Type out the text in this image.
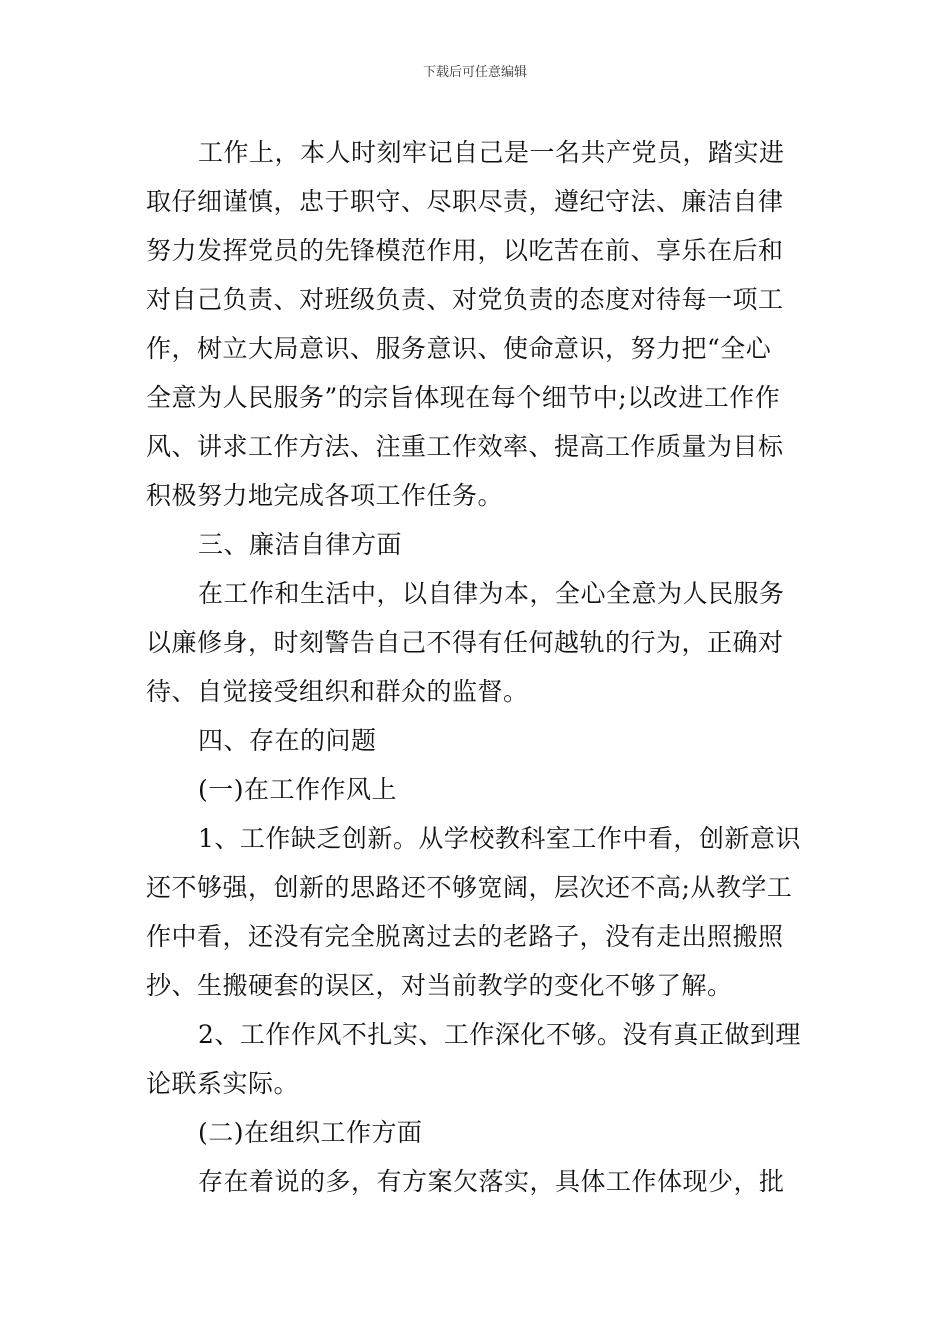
下载后可任意编辑
工作上，本人时刻牢记自己是一名共产党员，踏实进
取仔细谨慎，忠于职守、尽职尽责，遵纪守法、廉洁自律
努力发挥党员的先锋模范作用，以吃苦在前、享乐在后和
对自己负责、对班级负责、对党负责的态度对待每一项工
作，树立大局意识、服务意识、使命意识，努力把“全心
全意为人民服务”的宗旨体现在每个细节中;以改进工作作
风、讲求工作方法、注重工作效率、提高工作质量为目标
积极努力地完成各项工作任务。
三、廉洁自律方面
在工作和生活中，以自律为本，全心全意为人民服务
以廉修身，时刻警告自己不得有任何越轨的行为，正确对
待、自觉接受组织和群众的监督。
四、存在的问题
(一)在工作作风上
1、工作缺乏创新。从学校教科室工作中看，创新意识
还不够强，创新的思路还不够宽阔，层次还不高;从教学工
作中看，还没有完全脱离过去的老路子，没有走出照搬照
抄、生搬硬套的误区，对当前教学的变化不够了解。
2、工作作风不扎实、工作深化不够。没有真正做到理
论联系实际。
(二)在组织工作方面
存在着说的多，有方案欠落实，具体工作体现少，批
